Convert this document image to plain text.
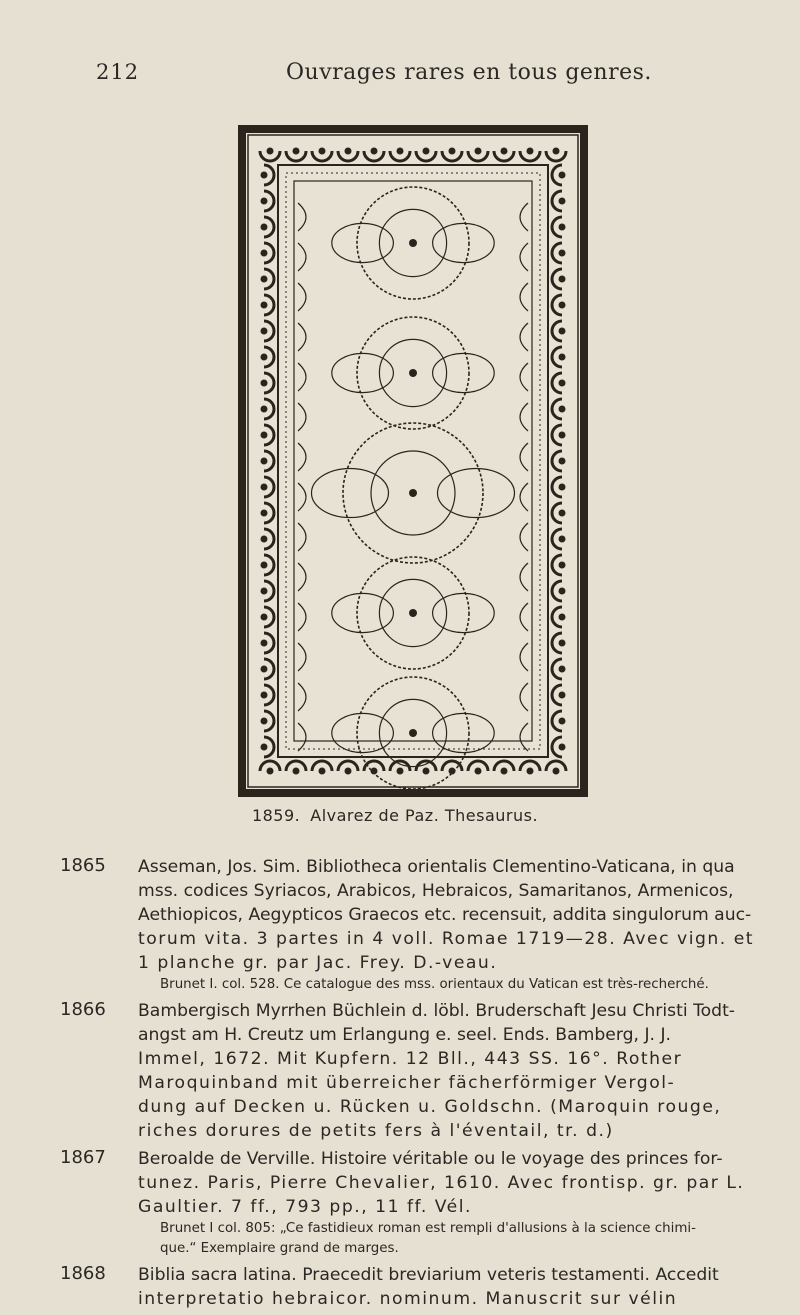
212	Ouvrages rares en tous genres.
1859. Alvarez de Paz. Thesaurus.
1865 Asseman, Jos. Sim. Bibliotheca orientalis Clementino-Vaticana, in qua

mss. codices Syriacos, Arabicos, Hebraicos, Samaritanos, Armenicos,

Aethiopicos, Aegypticos Graecos etc. recensuit, addita singulorum auc-

torum vita. 3 partes in 4 voll. Romae 1719—28. Avec vign. et

1 planche gr. par Jac. Frey. D.-veau.

Brunet I. col. 528. Ce catalogue des mss. orientaux du Vatican est très-recherché.
1866 Bambergisch Myrrhen Büchlein d. löbl. Bruderschaft Jesu Christi Todt-

angst am H. Creutz um Erlangung e. seel. Ends. Bamberg, J. J.

Immel, 1672. Mit Kupfern. 12 Bll., 443 SS. 16°. Rother

Maroquinband mit überreicher fächerförmiger Vergol-

dung auf Decken u. Rücken u. Goldschn. (Maroquin rouge,

riches dorures de petits fers à l'éventail, tr. d.)

1867 Beroalde de Verville. Histoire véritable ou le voyage des princes for-

tunez. Paris, Pierre Chevalier, 1610. Avec frontisp. gr. par L.

Gaultier. 7 ff., 793 pp., 11 ff. Vél.

Brunet I col. 805: „Ce fastidieux roman est rempli d'allusions à la science chimi-
que.“ Exemplaire grand de marges.
1868 Biblia sacra latina. Praecedit breviarium veteris testamenti. Accedit

interpretatio hebraicor. nominum. Manuscrit sur vélin
